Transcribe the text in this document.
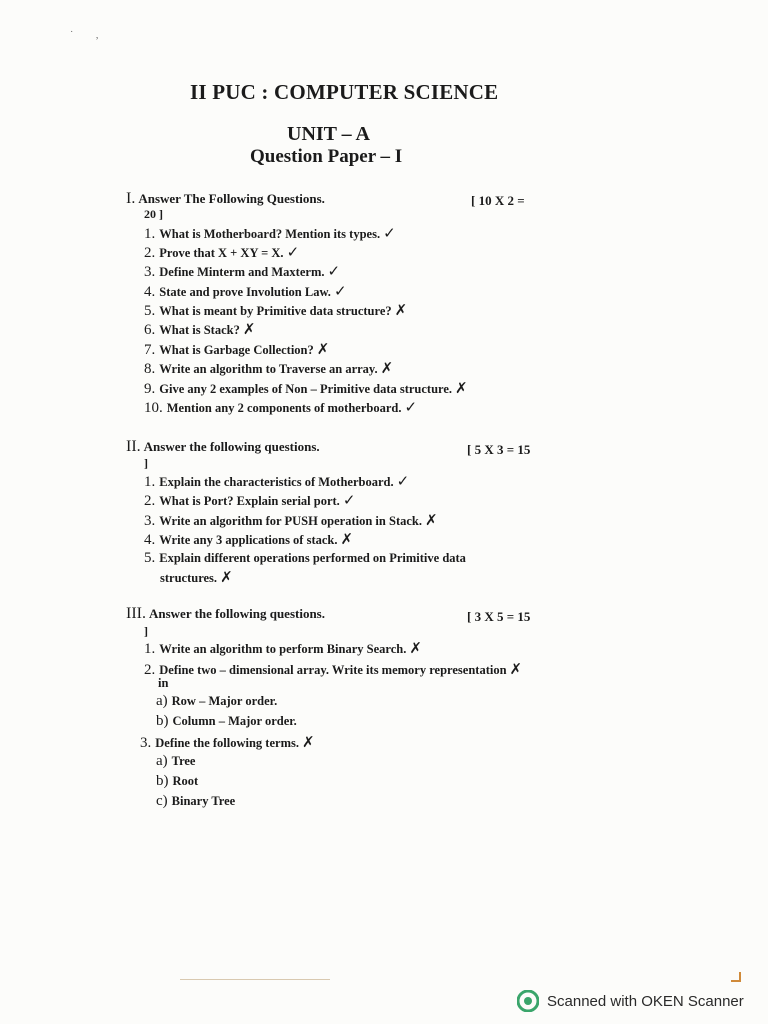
˙         ,
II PUC : COMPUTER SCIENCE
UNIT – A
Question Paper – I
I. Answer The Following Questions.	[ 10 X 2 =
20 ]
1. What is Motherboard? Mention its types. ✓
2. Prove that X + XY = X. ✓
3. Define Minterm and Maxterm. ✓
4. State and prove Involution Law. ✓
5. What is meant by Primitive data structure? ✗
6. What is Stack? ✗
7. What is Garbage Collection? ✗
8. Write an algorithm to Traverse an array. ✗
9. Give any 2 examples of Non – Primitive data structure. ✗
10. Mention any 2 components of motherboard. ✓
II. Answer the following questions.	[ 5 X 3 = 15
]
1. Explain the characteristics of Motherboard. ✓
2. What is Port? Explain serial port. ✓
3. Write an algorithm for PUSH operation in Stack. ✗
4. Write any 3 applications of stack. ✗
5. Explain different operations performed on Primitive data
structures. ✗
III. Answer the following questions.	[ 3 X 5 = 15
]
1. Write an algorithm to perform Binary Search. ✗
2. Define two – dimensional array. Write its memory representation ✗
in
a) Row – Major order.
b) Column – Major order.
3. Define the following terms. ✗
a) Tree
b) Root
c) Binary Tree
Scanned with OKEN Scanner
